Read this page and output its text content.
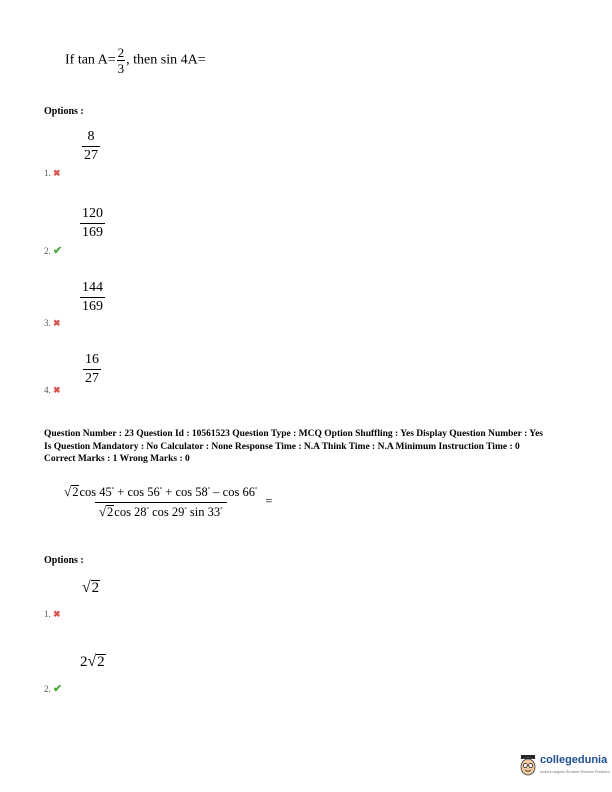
If $\tan A= \frac{2}{3}$ , then sin 4A=
Options :
$\frac{8}{27}$
1. ✖
$\frac{120}{169}$
2. ✔
$\frac{144}{169}$
3. ✖
$\frac{16}{27}$
4. ✖
Question Number : 23 Question Id : 10561523 Question Type : MCQ Option Shuffling : Yes Display Question Number : Yes
Is Question Mandatory : No Calculator : None Response Time : N.A Think Time : N.A Minimum Instruction Time : 0
Correct Marks : 1 Wrong Marks : 0
$\frac{√ 2 \cos 45^\circ + \cos 56^\circ + \cos 58^\circ - \cos 66^\circ}{√ 2 \cos 28^\circ \cos 29^\circ \sin 33^\circ}$ =
Options :
√ 2
1. ✖
2 √ 2
2. ✔
collegedunia
India's largest Student Review Platform
